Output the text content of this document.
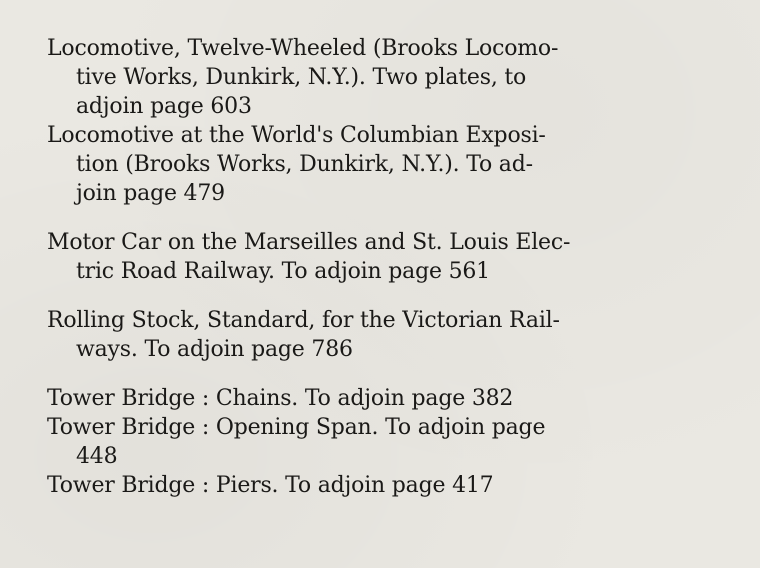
Locomotive, Twelve-Wheeled (Brooks Locomo-
tive Works, Dunkirk, N.Y.). Two plates, to
adjoin page 603
Locomotive at the World's Columbian Exposi-
tion (Brooks Works, Dunkirk, N.Y.). To ad-
join page 479
Motor Car on the Marseilles and St. Louis Elec-
tric Road Railway. To adjoin page 561
Rolling Stock, Standard, for the Victorian Rail-
ways. To adjoin page 786
Tower Bridge : Chains. To adjoin page 382
Tower Bridge : Opening Span. To adjoin page
448
Tower Bridge : Piers. To adjoin page 417
